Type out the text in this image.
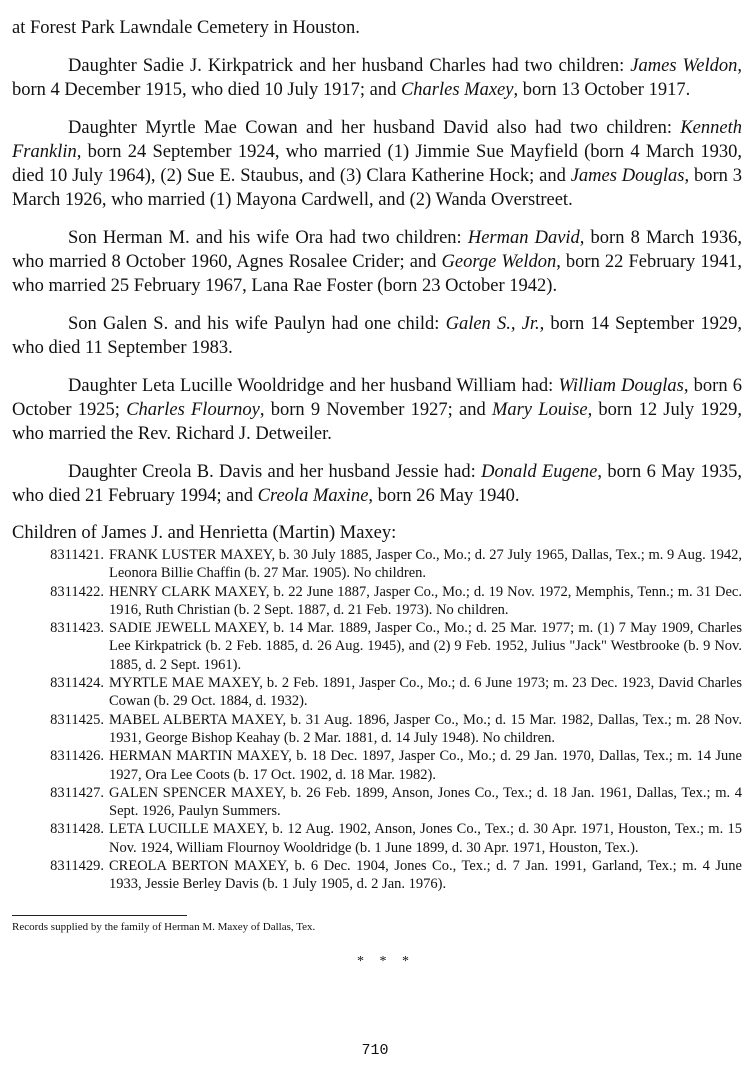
at Forest Park Lawndale Cemetery in Houston.

Daughter Sadie J. Kirkpatrick and her husband Charles had two children: James Weldon, born 4 December 1915, who died 10 July 1917; and Charles Maxey, born 13 October 1917.

Daughter Myrtle Mae Cowan and her husband David also had two children: Kenneth Franklin, born 24 September 1924, who married (1) Jimmie Sue Mayfield (born 4 March 1930, died 10 July 1964), (2) Sue E. Staubus, and (3) Clara Katherine Hock; and James Douglas, born 3 March 1926, who married (1) Mayona Cardwell, and (2) Wanda Overstreet.

Son Herman M. and his wife Ora had two children: Herman David, born 8 March 1936, who married 8 October 1960, Agnes Rosalee Crider; and George Weldon, born 22 February 1941, who married 25 February 1967, Lana Rae Foster (born 23 October 1942).

Son Galen S. and his wife Paulyn had one child: Galen S., Jr., born 14 September 1929, who died 11 September 1983.

Daughter Leta Lucille Wooldridge and her husband William had: William Douglas, born 6 October 1925; Charles Flournoy, born 9 November 1927; and Mary Louise, born 12 July 1929, who married the Rev. Richard J. Detweiler.

Daughter Creola B. Davis and her husband Jessie had: Donald Eugene, born 6 May 1935, who died 21 February 1994; and Creola Maxine, born 26 May 1940.

Children of James J. and Henrietta (Martin) Maxey:

8311421. FRANK LUSTER MAXEY, b. 30 July 1885, Jasper Co., Mo.; d. 27 July 1965, Dallas, Tex.; m. 9 Aug. 1942, Leonora Billie Chaffin (b. 27 Mar. 1905). No children.
8311422. HENRY CLARK MAXEY, b. 22 June 1887, Jasper Co., Mo.; d. 19 Nov. 1972, Memphis, Tenn.; m. 31 Dec. 1916, Ruth Christian (b. 2 Sept. 1887, d. 21 Feb. 1973). No children.
8311423. SADIE JEWELL MAXEY, b. 14 Mar. 1889, Jasper Co., Mo.; d. 25 Mar. 1977; m. (1) 7 May 1909, Charles Lee Kirkpatrick (b. 2 Feb. 1885, d. 26 Aug. 1945), and (2) 9 Feb. 1952, Julius "Jack" Westbrooke (b. 9 Nov. 1885, d. 2 Sept. 1961).
8311424. MYRTLE MAE MAXEY, b. 2 Feb. 1891, Jasper Co., Mo.; d. 6 June 1973; m. 23 Dec. 1923, David Charles Cowan (b. 29 Oct. 1884, d. 1932).
8311425. MABEL ALBERTA MAXEY, b. 31 Aug. 1896, Jasper Co., Mo.; d. 15 Mar. 1982, Dallas, Tex.; m. 28 Nov. 1931, George Bishop Keahay (b. 2 Mar. 1881, d. 14 July 1948). No children.
8311426. HERMAN MARTIN MAXEY, b. 18 Dec. 1897, Jasper Co., Mo.; d. 29 Jan. 1970, Dallas, Tex.; m. 14 June 1927, Ora Lee Coots (b. 17 Oct. 1902, d. 18 Mar. 1982).
8311427. GALEN SPENCER MAXEY, b. 26 Feb. 1899, Anson, Jones Co., Tex.; d. 18 Jan. 1961, Dallas, Tex.; m. 4 Sept. 1926, Paulyn Summers.
8311428. LETA LUCILLE MAXEY, b. 12 Aug. 1902, Anson, Jones Co., Tex.; d. 30 Apr. 1971, Houston, Tex.; m. 15 Nov. 1924, William Flournoy Wooldridge (b. 1 June 1899, d. 30 Apr. 1971, Houston, Tex.).
8311429. CREOLA BERTON MAXEY, b. 6 Dec. 1904, Jones Co., Tex.; d. 7 Jan. 1991, Garland, Tex.; m. 4 June 1933, Jessie Berley Davis (b. 1 July 1905, d. 2 Jan. 1976).

Records supplied by the family of Herman M. Maxey of Dallas, Tex.

* * *
710
